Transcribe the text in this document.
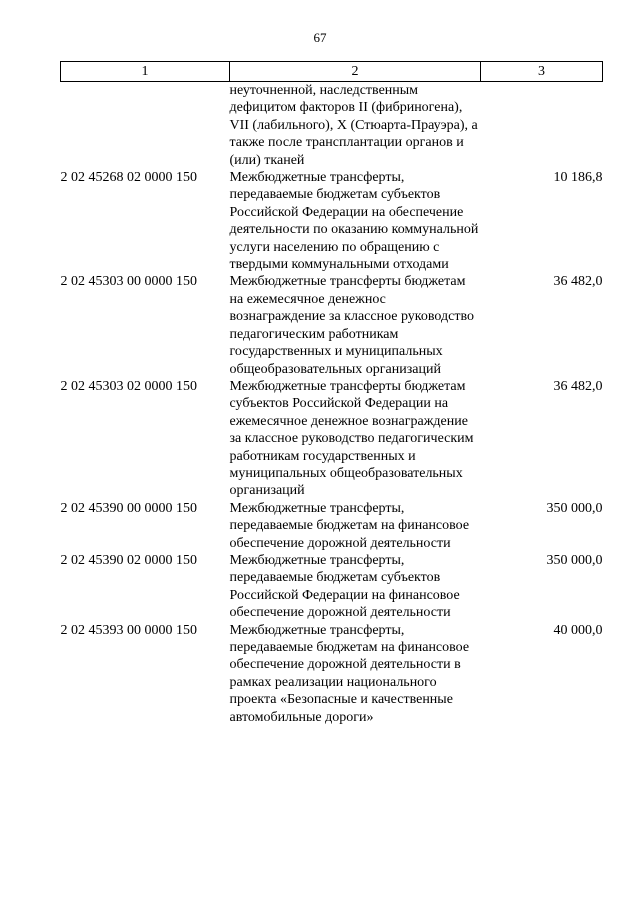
67
1	2	3
	неуточненной, наследственным дефицитом факторов II (фибриногена), VII (лабильного), X (Стюарта-Прауэра), а также после трансплантации органов и (или) тканей	
2 02 45268 02 0000 150	Межбюджетные трансферты, передаваемые бюджетам субъектов Российской Федерации на обеспечение деятельности по оказанию коммунальной услуги населению по обращению с твердыми коммунальными отходами	10 186,8
2 02 45303 00 0000 150	Межбюджетные трансферты бюджетам на ежемесячное денежнос вознаграждение за классное руководство педагогическим работникам государственных и муниципальных общеобразовательных организаций	36 482,0
2 02 45303 02 0000 150	Межбюджетные трансферты бюджетам субъектов Российской Федерации на ежемесячное денежное вознаграждение за классное руководство педагогическим работникам государственных и муниципальных общеобразовательных организаций	36 482,0
2 02 45390 00 0000 150	Межбюджетные трансферты, передаваемые бюджетам на финансовое обеспечение дорожной деятельности	350 000,0
2 02 45390 02 0000 150	Межбюджетные трансферты, передаваемые бюджетам субъектов Российской Федерации на финансовое обеспечение дорожной деятельности	350 000,0
2 02 45393 00 0000 150	Межбюджетные трансферты, передаваемые бюджетам на финансовое обеспечение дорожной деятельности в рамках реализации национального проекта «Безопасные и качественные автомобильные дороги»	40 000,0
